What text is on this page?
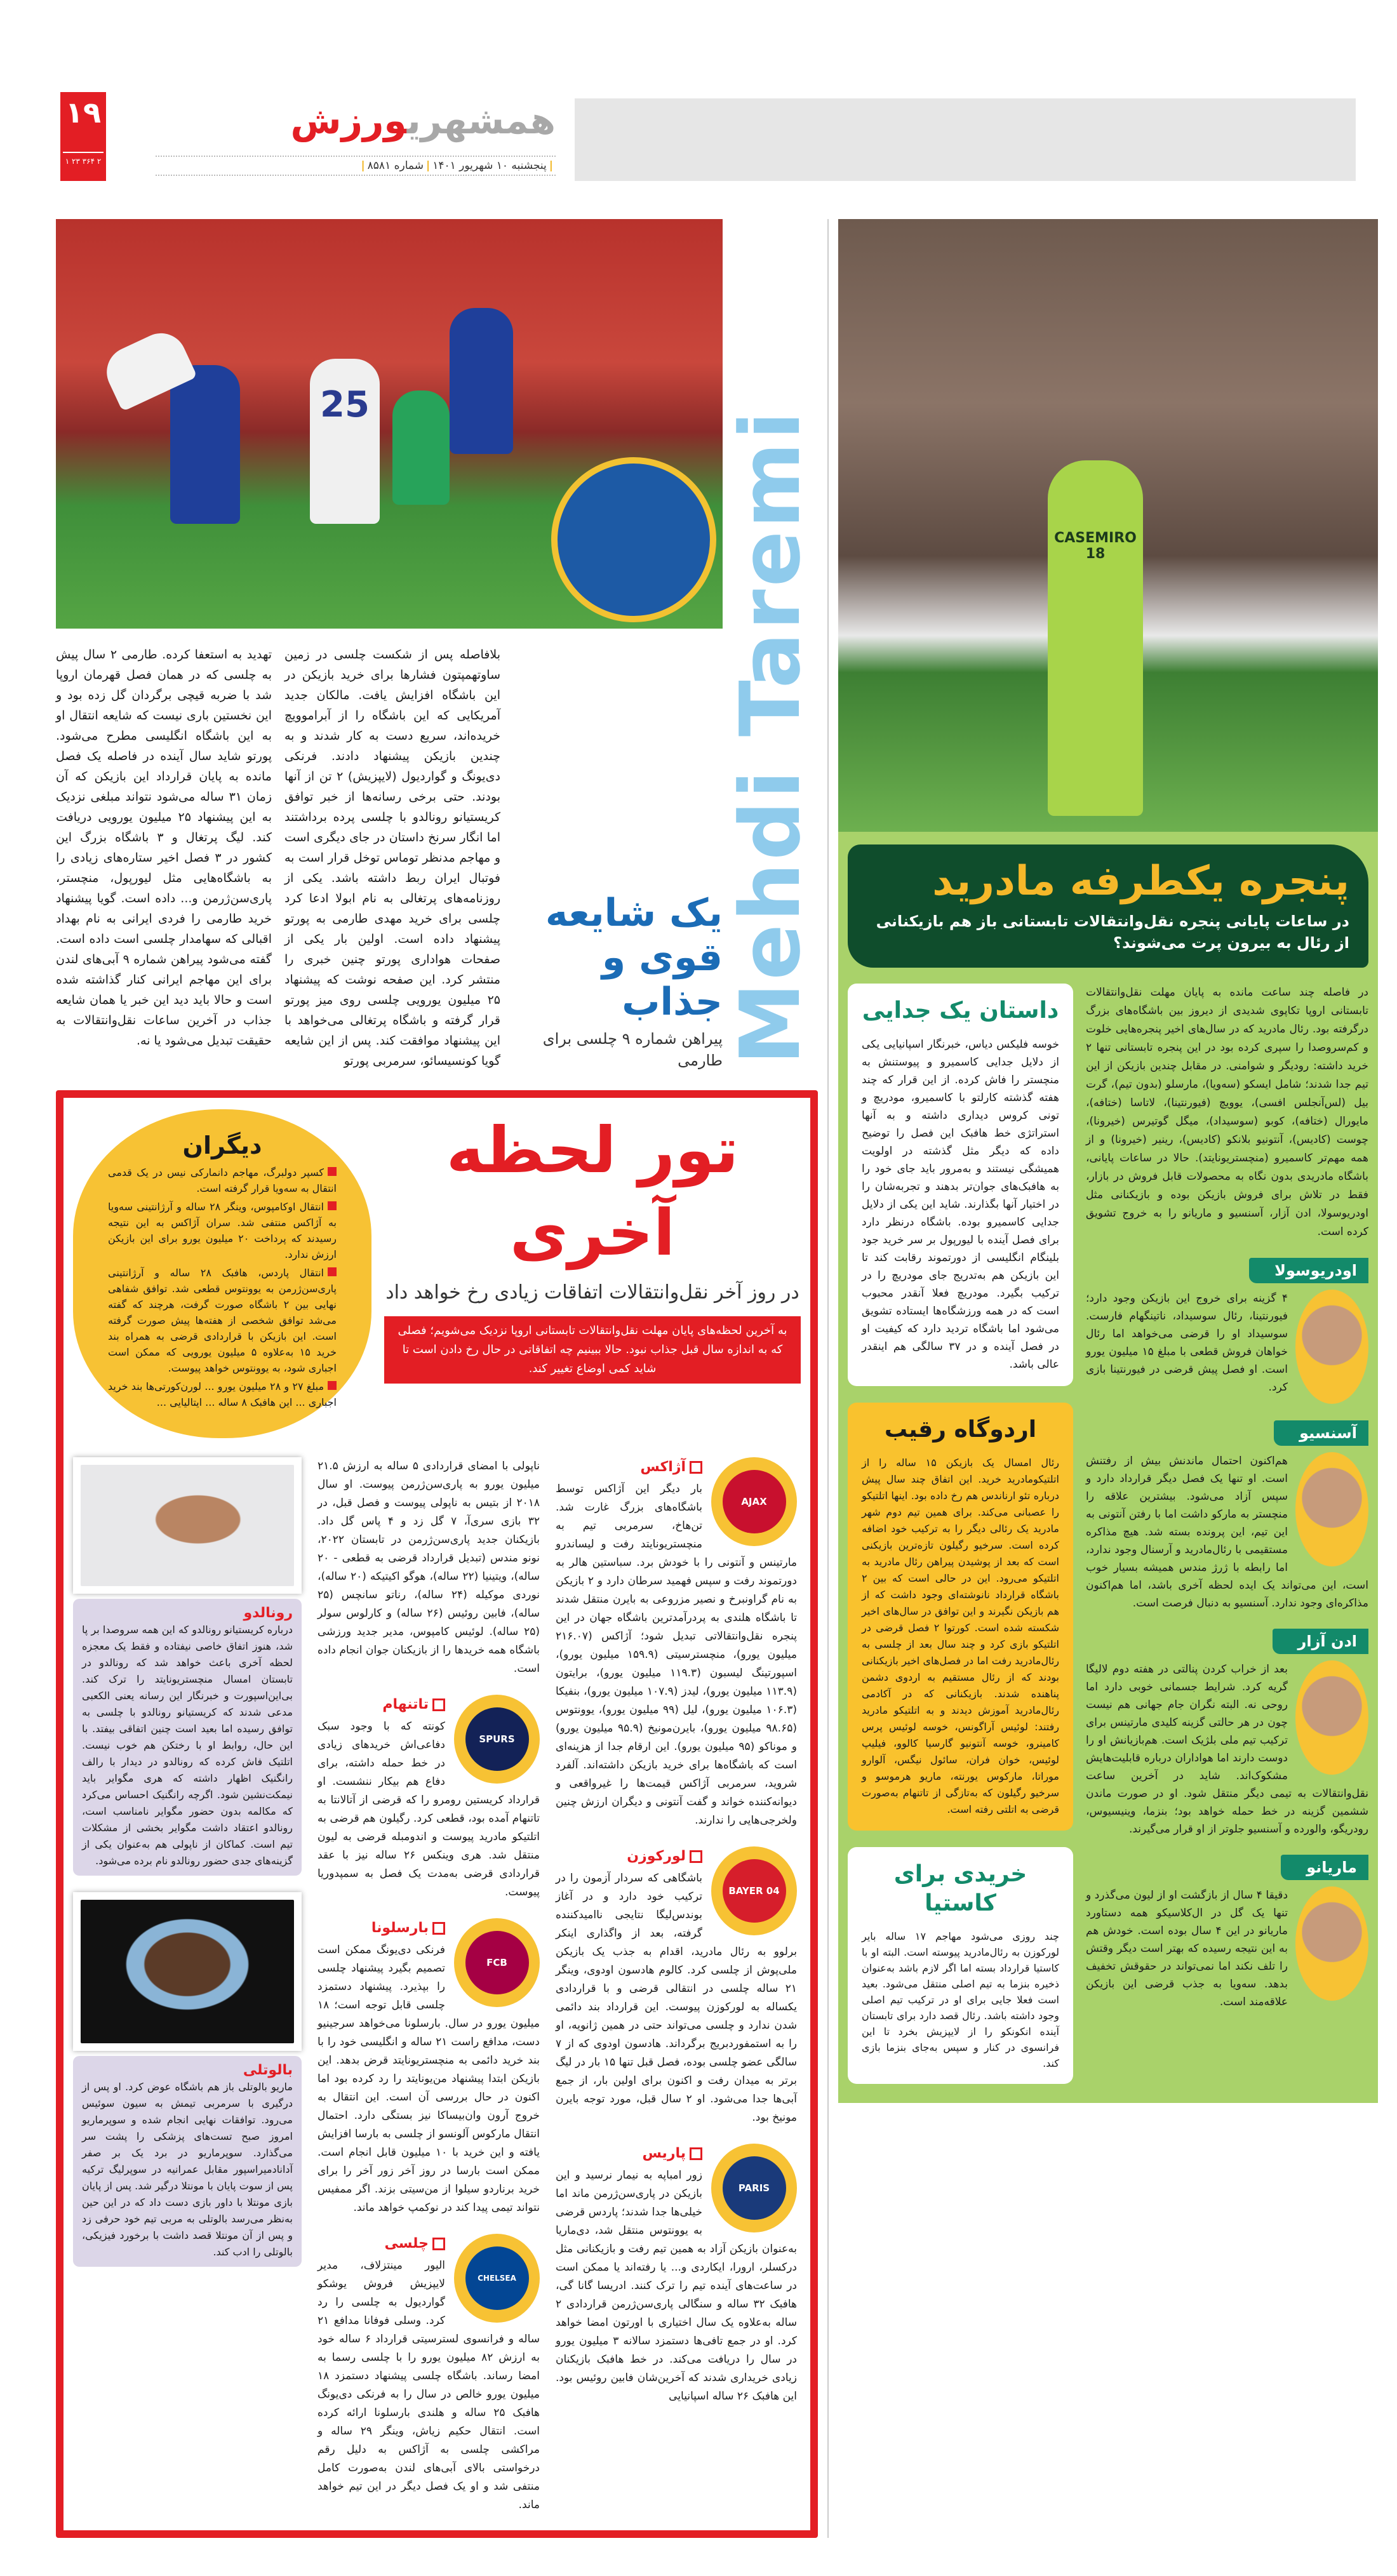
۱۹
۱ ۲۳ ۳۶۴ ۲
همشهریورزش
|پنجشنبه ۱۰ شهریور ۱۴۰۱|شماره ۸۵۸۱|
25
Mehdi Taremi
تهدید به استعفا کرده. طارمی ۲ سال پیش به چلسی که در همان فصل قهرمان اروپا شد با ضربه قیچی برگردان گل زده بود و این نخستین باری نیست که شایعه انتقال او به این باشگاه انگلیسی مطرح می‌شود. پورتو شاید سال آینده در فاصله یک فصل مانده به پایان قرارداد این بازیکن که آن زمان ۳۱ ساله می‌شود نتواند مبلغی نزدیک به این پیشنهاد ۲۵ میلیون یورویی دریافت کند. لیگ پرتغال و ۳ باشگاه بزرگ این کشور در ۳ فصل اخیر ستاره‌های زیادی را به باشگاه‌هایی مثل لیورپول، منچستر، پاری‌سن‌ژرمن و... داده است. گویا پیشنهاد خرید طارمی را فردی ایرانی به نام بهداد اقبالی که سهامدار چلسی است داده است. گفته می‌شود پیراهن شماره ۹ آبی‌های لندن برای این مهاجم ایرانی کنار گذاشته شده است و حالا باید دید این خبر یا همان شایعه جذاب در آخرین ساعات نقل‌وانتقالات به حقیقت تبدیل می‌شود یا نه.
بلافاصله پس از شکست چلسی در زمین ساوتهمپتون فشارها برای خرید بازیکن در این باشگاه افزایش یافت. مالکان جدید آمریکایی که این باشگاه را از آبراموویچ خریده‌اند، سریع دست به کار شدند و به چندین بازیکن پیشنهاد دادند. فرنکی دی‌یونگ و گواردیول (لایپزیش) ۲ تن از آنها بودند. حتی برخی رسانه‌ها از خبر توافق کریستیانو رونالدو با چلسی پرده برداشتند اما انگار سرنخ داستان در جای دیگری است و مهاجم مدنظر توماس توخل قرار است به فوتبال ایران ربط داشته باشد. یکی از روزنامه‌های پرتغالی به نام ابولا ادعا کرد چلسی برای خرید مهدی طارمی به پورتو پیشنهاد داده است. اولین بار یکی از صفحات هواداری پورتو چنین خبری را منتشر کرد. این صفحه نوشت که پیشنهاد ۲۵ میلیون یورویی چلسی روی میز پورتو قرار گرفته و باشگاه پرتغالی می‌خواهد با این پیشنهاد موافقت کند. پس از این شایعه گویا کونسیسائو، سرمربی پورتو
یک شایعه قوی و جذاب

پیراهن شماره ۹ چلسی برای طارمی

دیگران

کسپر دولبرگ، مهاجم دانمارکی نیس در یک قدمی انتقال به سه‌ویا قرار گرفته است.

انتقال اوکامپوس، وینگر ۲۸ ساله و آرژانتینی سه‌ویا به آژاکس منتفی شد. سران آژاکس به این نتیجه رسیدند که پرداخت ۲۰ میلیون یورو برای این بازیکن ارزش ندارد.

انتقال پاردس، هافبک ۲۸ ساله و آرژانتینی پاری‌سن‌ژرمن به یوونتوس قطعی شد. توافق شفاهی نهایی بین ۲ باشگاه صورت گرفت، هرچند که گفته می‌شد توافق شخصی از هفته‌ها پیش صورت گرفته است. این بازیکن با قراردادی قرضی به همراه بند خرید ۱۵ به‌علاوه ۵ میلیون یورویی که ممکن است اجباری شود، به یوونتوس خواهد پیوست.

مبلغ ۲۷ و ۲۸ میلیون یورو ... لورن‌کورتی‌ها بند خرید اجباری ... این هافبک ۸ ساله ... ایتالیایی ...

تور لحظه آخری
در روز آخر نقل‌وانتقالات اتفاقات زیادی رخ خواهد داد
به آخرین لحظه‌های پایان مهلت نقل‌وانتقالات تابستانی اروپا نزدیک می‌شویم؛ فصلی که به اندازه سال قبل جذاب نبود. حالا ببینیم چه اتفاقاتی در حال رخ دادن است تا شاید کمی اوضاع تغییر کند.
رونالدو
درباره کریستیانو رونالدو که این همه سروصدا بر پا شد، هنوز اتفاق خاصی نیفتاده و فقط یک معجزه لحظه آخری باعث خواهد شد که رونالدو در تابستان امسال منچستریونایتد را ترک کند. بی‌این‌اسپورت و خبرنگار این رسانه یعنی الکعبی مدعی شدند که کریستیانو رونالدو با چلسی به توافق رسیده اما بعید است چنین اتفاقی بیفتد. با این حال، روابط او با رختکن هم خوب نیست. اتلتیک فاش کرده که رونالدو در دیدار با رالف رانگنیک اظهار داشته که هری مگوایر باید نیمکت‌نشین شود. اگرچه رانگنیک احساس می‌کرد که مکالمه بدون حضور مگوایر نامناسب است، رونالدو اعتقاد داشت مگوایر بخشی از مشکلات تیم است. کماکان از ناپولی هم به‌عنوان یکی از گزینه‌های جدی حضور رونالدو نام برده می‌شود.
بالوتلی
ماریو بالوتلی باز هم باشگاه عوض کرد. او پس از درگیری با سرمربی تیمش به سیون سوئیس می‌رود. توافقات نهایی انجام شده و سوپرماریو امروز صبح تست‌های پزشکی را پشت سر می‌گذارد. سوپرماریو در برد یک بر صفر آدانادمیراسپور مقابل عمرانیه در سوپرلیگ ترکیه پس از سوت پایان با مونتلا درگیر شد. پس از پایان بازی مونتلا با داور بازی دست داد که در این حین به‌نظر می‌رسد بالوتلی به مربی تیم خود حرفی زد و پس از آن مونتلا قصد داشت با برخورد فیزیکی، بالوتلی را ادب کند.
ناپولی با امضای قراردادی ۵ ساله به ارزش ۲۱.۵ میلیون یورو به پاری‌سن‌ژرمن پیوست. او سال ۲۰۱۸ از بتیس به ناپولی پیوست و فصل قبل، در ۳۲ بازی سری‌آ، ۷ گل زد و ۴ پاس گل داد. بازیکنان جدید پاری‌سن‌ژرمن در تابستان ۲۰۲۲، نونو مندس (تبدیل قرارداد قرضی به قطعی - ۲۰ ساله)، ویتینیا (۲۲ ساله)، هوگو اکیتیکه (۲۰ ساله)، نوردی موکیله (۲۴ ساله)، رناتو سانچس (۲۵ ساله)، فابین روئیس (۲۶ ساله) و کارلوس سولر (۲۵ ساله). لوئیس کامپوس، مدیر جدید ورزشی باشگاه همه خریدها را از بازیکنان جوان انجام داده است.
SPURS
تاتنهام
کونته که با وجود سبک دفاعی‌اش خریدهای زیادی در خط حمله داشته، برای دفاع هم بیکار ننشست. او قرارداد کریستین رومرو را که قرضی از آتالانتا به تاتنهام آمده بود، قطعی کرد. رگیلون هم قرضی به اتلتیکو مادرید پیوست و اندومبله قرضی به لیون منتقل شد. هری وینکس ۲۶ ساله نیز با عقد قراردادی قرضی به‌مدت یک فصل به سمپدوریا پیوست.
FCB
بارسلونا
فرنکی دی‌یونگ ممکن است تصمیم بگیرد پیشنهاد چلسی را بپذیرد. پیشنهاد دستمزد چلسی قابل توجه است؛ ۱۸ میلیون یورو در سال. بارسلونا می‌خواهد سرجینیو دست، مدافع راست ۲۱ ساله و انگلیسی خود را با بند خرید دائمی به منچستریونایتد قرض بدهد. این بازیکن ابتدا پیشنهاد من‌یونایتد را رد کرده بود اما اکنون در حال بررسی آن است. این انتقال به خروج آرون وان‌بیساکا نیز بستگی دارد. احتمال انتقال مارکوس آلونسو از چلسی به بارسا افزایش یافته و این خرید با ۱۰ میلیون قابل انجام است. ممکن است بارسا در روز آخر زور آخر را برای خرید برناردو سیلوا از من‌سیتی بزند. اگر ممفیس نتواند تیمی پیدا کند در نوکمپ خواهد ماند.
CHELSEA
چلسی
الیور مینتزلاف، مدیر لایپزیش فروش یوشکو گواردیول به چلسی را رد کرد. وسلی فوفانا مدافع ۲۱ ساله و فرانسوی لسترسیتی قرارداد ۶ ساله خود به ارزش ۸۲ میلیون یورو را با چلسی رسما به امضا رساند. باشگاه چلسی پیشنهاد دستمزد ۱۸ میلیون یورو خالص در سال را به فرنکی دی‌یونگ هافبک ۲۵ ساله و هلندی بارسلونا ارائه کرده است. انتقال حکیم زیاش، وینگر ۲۹ ساله و مراکشی چلسی به آژاکس به دلیل رقم درخواستی بالای آبی‌های لندن به‌صورت کامل منتفی شد و او یک فصل دیگر در این تیم خواهد ماند.
AJAX
آژاکس
بار دیگر این آژاکس توسط باشگاه‌های بزرگ غارت شد. تن‌هاخ، سرمربی تیم به منچستریونایتد رفت و لیساندرو مارتینس و آنتونی را با خودش برد. سباستین هالر به دورتموند رفت و سپس فهمید سرطان دارد و ۲ بازیکن به نام گراونبرخ و نصیر مزروعی به بایرن منتقل شدند تا باشگاه هلندی به پردرآمدترین باشگاه جهان در این پنجره نقل‌وانتقالاتی تبدیل شود؛ آژاکس (۲۱۶.۰۷ میلیون یورو)، منچسترسیتی (۱۵۹.۹ میلیون یورو)، اسپورتینگ لیسبون (۱۱۹.۳ میلیون یورو)، برایتون (۱۱۳.۹ میلیون یورو)، لیدز (۱۰۷.۹ میلیون یورو)، بنفیکا (۱۰۶.۳ میلیون یورو)، لیل (۹۹ میلیون یورو)، یوونتوس (۹۸.۶۵ میلیون یورو)، بایرن‌مونیخ (۹۵.۹ میلیون یورو) و موناکو (۹۵ میلیون یورو). این ارقام جدا از هزینه‌ای است که باشگاه‌ها برای خرید بازیکن داشته‌اند. آلفرد شروید، سرمربی آژاکس قیمت‌ها را غیرواقعی و دیوانه‌کننده خواند و گفت آنتونی و دیگران ارزش چنین ولخرجی‌هایی را ندارند.
BAYER 04
لورکوزن
باشگاهی که سردار آزمون را در ترکیب خود دارد و در آغاز بوندس‌لیگا نتایجی ناامیدکننده گرفته، بعد از واگذاری اینکر برلوو به رئال مادرید، اقدام به جذب یک بازیکن ملی‌پوش از چلسی کرد. کالوم هادسون اودوی، وینگر ۲۱ ساله چلسی در انتقالی قرضی و با قراردادی یکساله به لورکوزن پیوست. این قرارداد بند دائمی شدن ندارد و چلسی می‌تواند حتی در همین ژانویه، او را به استمفوردبریج برگرداند. هادسون اودوی که از ۷ سالگی عضو چلسی بوده، فصل قبل تنها ۱۵ بار در لیگ برتر به میدان رفت و اکنون برای اولین بار، از جمع آبی‌ها جدا می‌شود. او ۲ سال قبل، مورد توجه بایرن مونیخ بود.
PARIS
پاریس
زور امباپه به نیمار نرسید و این بازیکن در پاری‌سن‌ژرمن ماند اما خیلی‌ها جدا شدند؛ پاردس قرضی به یوونتوس منتقل شد، دی‌ماریا به‌عنوان بازیکن آزاد به همین تیم رفت و بازیکنانی مثل درکسلر، ارورا، ایکاردی و... یا رفته‌اند یا ممکن است در ساعت‌های آینده تیم را ترک کنند. ادریسا گانا گی، هافبک ۳۲ ساله و سنگالی پاری‌سن‌ژرمن قراردادی ۲ ساله به‌علاوه یک سال اختیاری با اورتون امضا خواهد کرد. او در جمع تافی‌ها دستمزد سالانه ۳ میلیون یورو در سال را دریافت می‌کند. در خط هافبک بازیکنان زیادی خریداری شدند که آخرین‌شان فابین روئیس بود. این هافبک ۲۶ ساله اسپانیایی
CASEMIRO 18
پنجره یکطرفه مادرید
در ساعات پایانی پنجره نقل‌وانتقالات تابستانی باز هم بازیکنانی از رئال به بیرون پرت می‌شوند؟
داستان یک جدایی
خوسه فلیکس دیاس، خبرنگار اسپانیایی یکی از دلایل جدایی کاسمیرو و پیوستنش به منچستر را فاش کرده. از این قرار که چند هفته گذشته کارلتو با کاسمیرو، مودریچ و تونی کروس دیداری داشته و به آنها استراتژی خط هافبک این فصل را توضیح داده که دیگر مثل گذشته در اولویت همیشگی نیستند و به‌مرور باید جای خود را به هافبک‌های جوان‌تر بدهند و تجربه‌شان را در اختیار آنها بگذارند. شاید این یکی از دلایل جدایی کاسمیرو بوده. باشگاه درنظر دارد برای فصل آینده با لیورپول بر سر خرید جود بلینگام انگلیسی از دورتموند رقابت کند تا این بازیکن هم به‌تدریج جای مودریچ را در ترکیب بگیرد. مودریچ فعلا آنقدر محبوب است که در همه ورزشگاه‌ها ایستاده تشویق می‌شود اما باشگاه تردید دارد که کیفیت او در فصل آینده و در ۳۷ سالگی هم اینقدر عالی باشد.
اردوگاه رقیب
رئال امسال یک بازیکن ۱۵ ساله را از اتلتیکومادرید خرید. این اتفاق چند سال پیش درباره تئو ارناندس هم رخ داده بود. اینها اتلتیکو را عصبانی می‌کند. برای همین تیم دوم شهر مادرید یک رئالی دیگر را به ترکیب خود اضافه کرده است. سرخیو رگیلون تازه‌ترین بازیکنی است که بعد از پوشیدن پیراهن رئال مادرید به اتلتیکو می‌رود. این در حالی است که بین ۲ باشگاه قرارداد نانوشته‌ای وجود داشت که از هم بازیکن نگیرند و این توافق در سال‌های اخیر شکسته شده است. کورتوا ۲ فصل قرضی در اتلتیکو بازی کرد و چند سال بعد از چلسی به رئال‌مادرید رفت اما در فصل‌های اخیر بازیکنانی بودند که از رئال مستقیم به اردوی دشمن پناهنده شدند. بازیکنانی که در آکادمی رئال‌مادرید آموزش دیدند و به اتلتیکو مادرید رفتند: لوئیس آراگونس، خوسه لوئیس پرس کامینرو، خوسه آنتونیو گارسیا کالوو، فیلیپ لوئیس، خوان فران، سائول نیگس، آلوارو موراتا، مارکوس یورنته، ماریو هرموسو و سرخیو رگیلون که به‌تازگی از تاتنهام به‌صورت قرضی به اتلتی رفته است.
خریدی برای کاستیا
چند روزی می‌شود مهاجم ۱۷ ساله بایر لورکوزن به رئال‌مادرید پیوسته است. البته او با کاستیا قرارداد بسته اما اگر لازم باشد به‌عنوان ذخیره بنزما به تیم اصلی منتقل می‌شود. بعید است فعلا جایی برای او در ترکیب تیم اصلی وجود داشته باشد. رئال قصد دارد برای تابستان آینده انکونکو را از لایپزیش بخرد تا این فرانسوی در کنار و سپس به‌جای بنزما بازی کند.
در فاصله چند ساعت مانده به پایان مهلت نقل‌وانتقالات تابستانی اروپا تکاپوی شدیدی از دیروز بین باشگاه‌های بزرگ درگرفته بود. رئال مادرید که در سال‌های اخیر پنجره‌هایی خلوت و کم‌سروصدا را سپری کرده بود در این پنجره تابستانی تنها ۲ خرید داشته: رودیگر و شوامنی. در مقابل چندین بازیکن از این تیم جدا شدند؛ شامل ایسکو (سه‌ویا)، مارسلو (بدون تیم)، گرت بیل (لس‌آنجلس افسی)، یوویچ (فیورنتینا)، لاتاسا (ختافه)، مایورال (ختافه)، کوبو (سوسیداد)، میگل گوتیرس (خیرونا)، چوست (کادیس)، آنتونیو بلانکو (کادیس)، رینیر (خیرونا) و از همه مهم‌تر کاسمیرو (منچستریونایتد). حالا در ساعات پایانی، باشگاه مادریدی بدون نگاه به محصولات قابل فروش در بازار، فقط در تلاش برای فروش بازیکن بوده و بازیکنانی مثل اودریوسولا، ادن آزار، آسنسیو و ماریانو را به خروج تشویق کرده است.
اودریوسولا
۴ گزینه برای خروج این بازیکن وجود دارد؛ فیورنتینا، رئال سوسیداد، ناتینگهام فارست. سوسیداد او را قرضی می‌خواهد اما رئال خواهان فروش قطعی با مبلغ ۱۵ میلیون یورو است. او فصل پیش قرضی در فیورنتینا بازی کرد.
آسنسیو
هم‌اکنون احتمال ماندنش بیش از رفتنش است. او تنها یک فصل دیگر قرارداد دارد و سپس آزاد می‌شود. بیشترین علاقه را منچستر به مارکو داشت اما با رفتن آنتونی به این تیم، این پرونده بسته شد. هیچ مذاکره مستقیمی با رئال‌مادرید و آرسنال وجود ندارد، اما رابطه با ژرژ مندس همیشه بسیار خوب است، این می‌تواند یک ایده لحظه آخری باشد، اما هم‌اکنون مذاکره‌ای وجود ندارد. آسنسیو به دنبال فرصت است.
ادن آزار
بعد از خراب کردن پنالتی در هفته دوم لالیگا گریه کرد. شرایط جسمانی خوبی دارد اما روحی نه. البته نگران جام جهانی هم نیست چون در هر حالتی گزینه کلیدی مارتینس برای ترکیب تیم ملی بلژیک است. هم‌بازیانش او را دوست دارند اما هواداران درباره قابلیت‌هایش مشکوک‌اند. شاید در آخرین ساعت نقل‌وانتقالات به تیمی دیگر منتقل شود. او در صورت ماندن ششمین گزینه در خط حمله خواهد بود؛ بنزما، وینیسیوس، رودریگو، والورده و آسنسیو جلوتر از او قرار می‌گیرند.
ماریانو
دقیقا ۴ سال از بازگشت او از لیون می‌گذرد و تنها یک گل در ال‌کلاسیکو همه دستاورد ماریانو در این ۴ سال بوده است. خودش هم به این نتیجه رسیده که بهتر است دیگر وقتش را تلف نکند اما نمی‌تواند در حقوقش تخفیف بدهد. سه‌ویا به جذب قرضی این بازیکن علاقه‌مند است.
